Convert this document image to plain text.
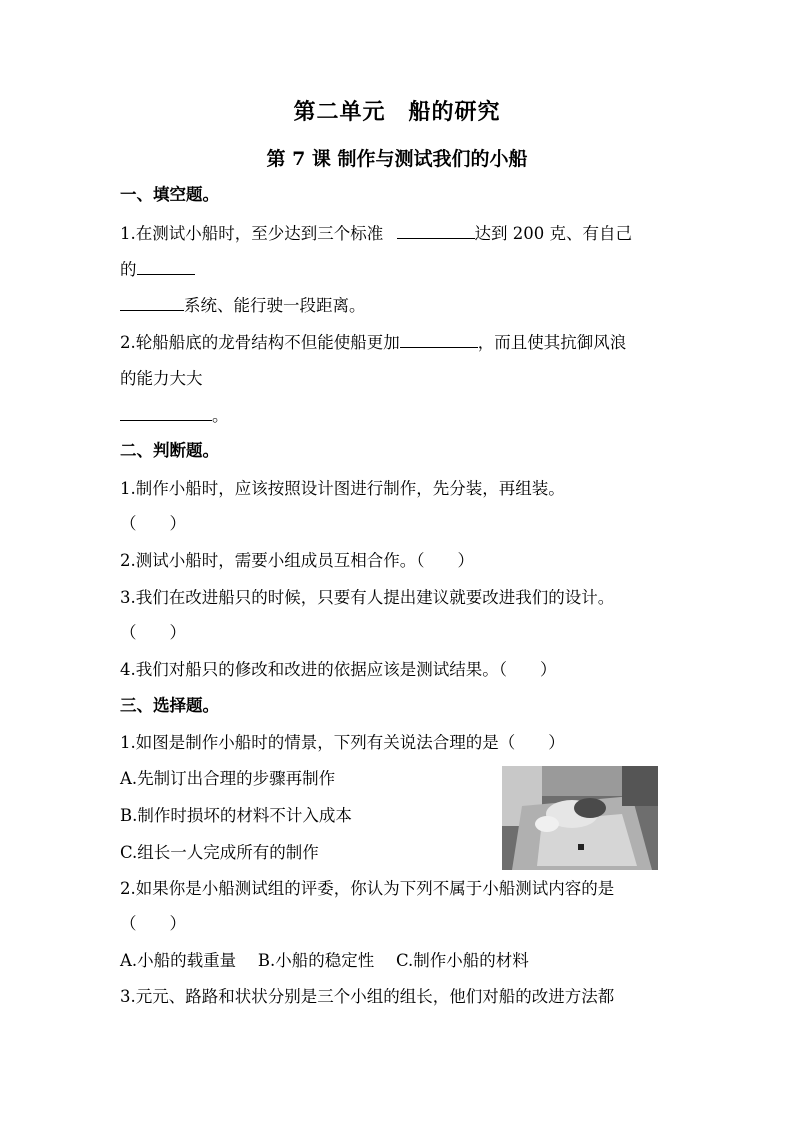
第二单元　船的研究
第 7 课 制作与测试我们的小船
一、填空题。
1.在测试小船时，至少达到三个标准	达到 200 克、有自己
的
系统、能行驶一段距离。
2.轮船船底的龙骨结构不但能使船更加	，而且使其抗御风浪
的能力大大
。
二、判断题。
1.制作小船时，应该按照设计图进行制作，先分装，再组装。
（　　）
2.测试小船时，需要小组成员互相合作。（　　）
3.我们在改进船只的时候，只要有人提出建议就要改进我们的设计。
（　　）
4.我们对船只的修改和改进的依据应该是测试结果。（　　）
三、选择题。
1.如图是制作小船时的情景，下列有关说法合理的是（　　）
A.先制订出合理的步骤再制作
B.制作时损坏的材料不计入成本
C.组长一人完成所有的制作
2.如果你是小船测试组的评委，你认为下列不属于小船测试内容的是
（　　）
A.小船的载重量　 B.小船的稳定性　 C.制作小船的材料
3.元元、路路和状状分别是三个小组的组长，他们对船的改进方法都
